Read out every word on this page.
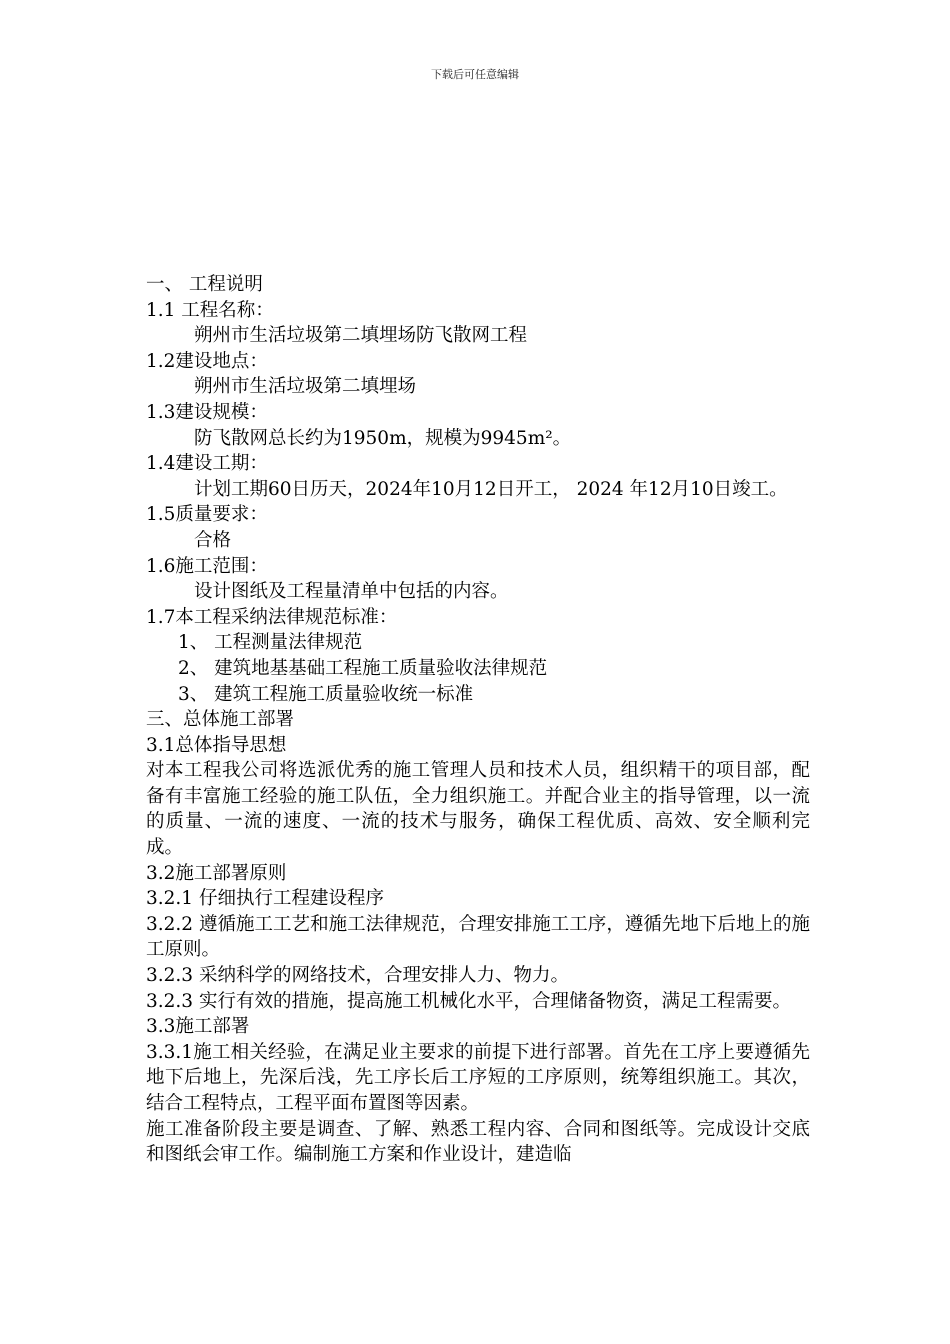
下载后可任意编辑
一、 工程说明
1.1 工程名称：
朔州市生活垃圾第二填埋场防飞散网工程
1.2建设地点：
朔州市生活垃圾第二填埋场
1.3建设规模：
防飞散网总长约为1950m，规模为9945m²。
1.4建设工期：
计划工期60日历天，2024年10月12日开工， 2024 年12月10日竣工。
1.5质量要求：
合格
1.6施工范围：
设计图纸及工程量清单中包括的内容。
1.7本工程采纳法律规范标准：
1、 工程测量法律规范
2、 建筑地基基础工程施工质量验收法律规范
3、 建筑工程施工质量验收统一标准
三、总体施工部署
3.1总体指导思想
对本工程我公司将选派优秀的施工管理人员和技术人员，组织精干的项目部，配备有丰富施工经验的施工队伍，全力组织施工。并配合业主的指导管理，以一流的质量、一流的速度、一流的技术与服务，确保工程优质、高效、安全顺利完成。
3.2施工部署原则
3.2.1 仔细执行工程建设程序
3.2.2 遵循施工工艺和施工法律规范，合理安排施工工序，遵循先地下后地上的施工原则。
3.2.3 采纳科学的网络技术，合理安排人力、物力。
3.2.3 实行有效的措施，提高施工机械化水平，合理储备物资，满足工程需要。
3.3施工部署
3.3.1施工相关经验，在满足业主要求的前提下进行部署。首先在工序上要遵循先地下后地上，先深后浅，先工序长后工序短的工序原则，统筹组织施工。其次，结合工程特点，工程平面布置图等因素。
施工准备阶段主要是调查、了解、熟悉工程内容、合同和图纸等。完成设计交底和图纸会审工作。编制施工方案和作业设计，建造临
